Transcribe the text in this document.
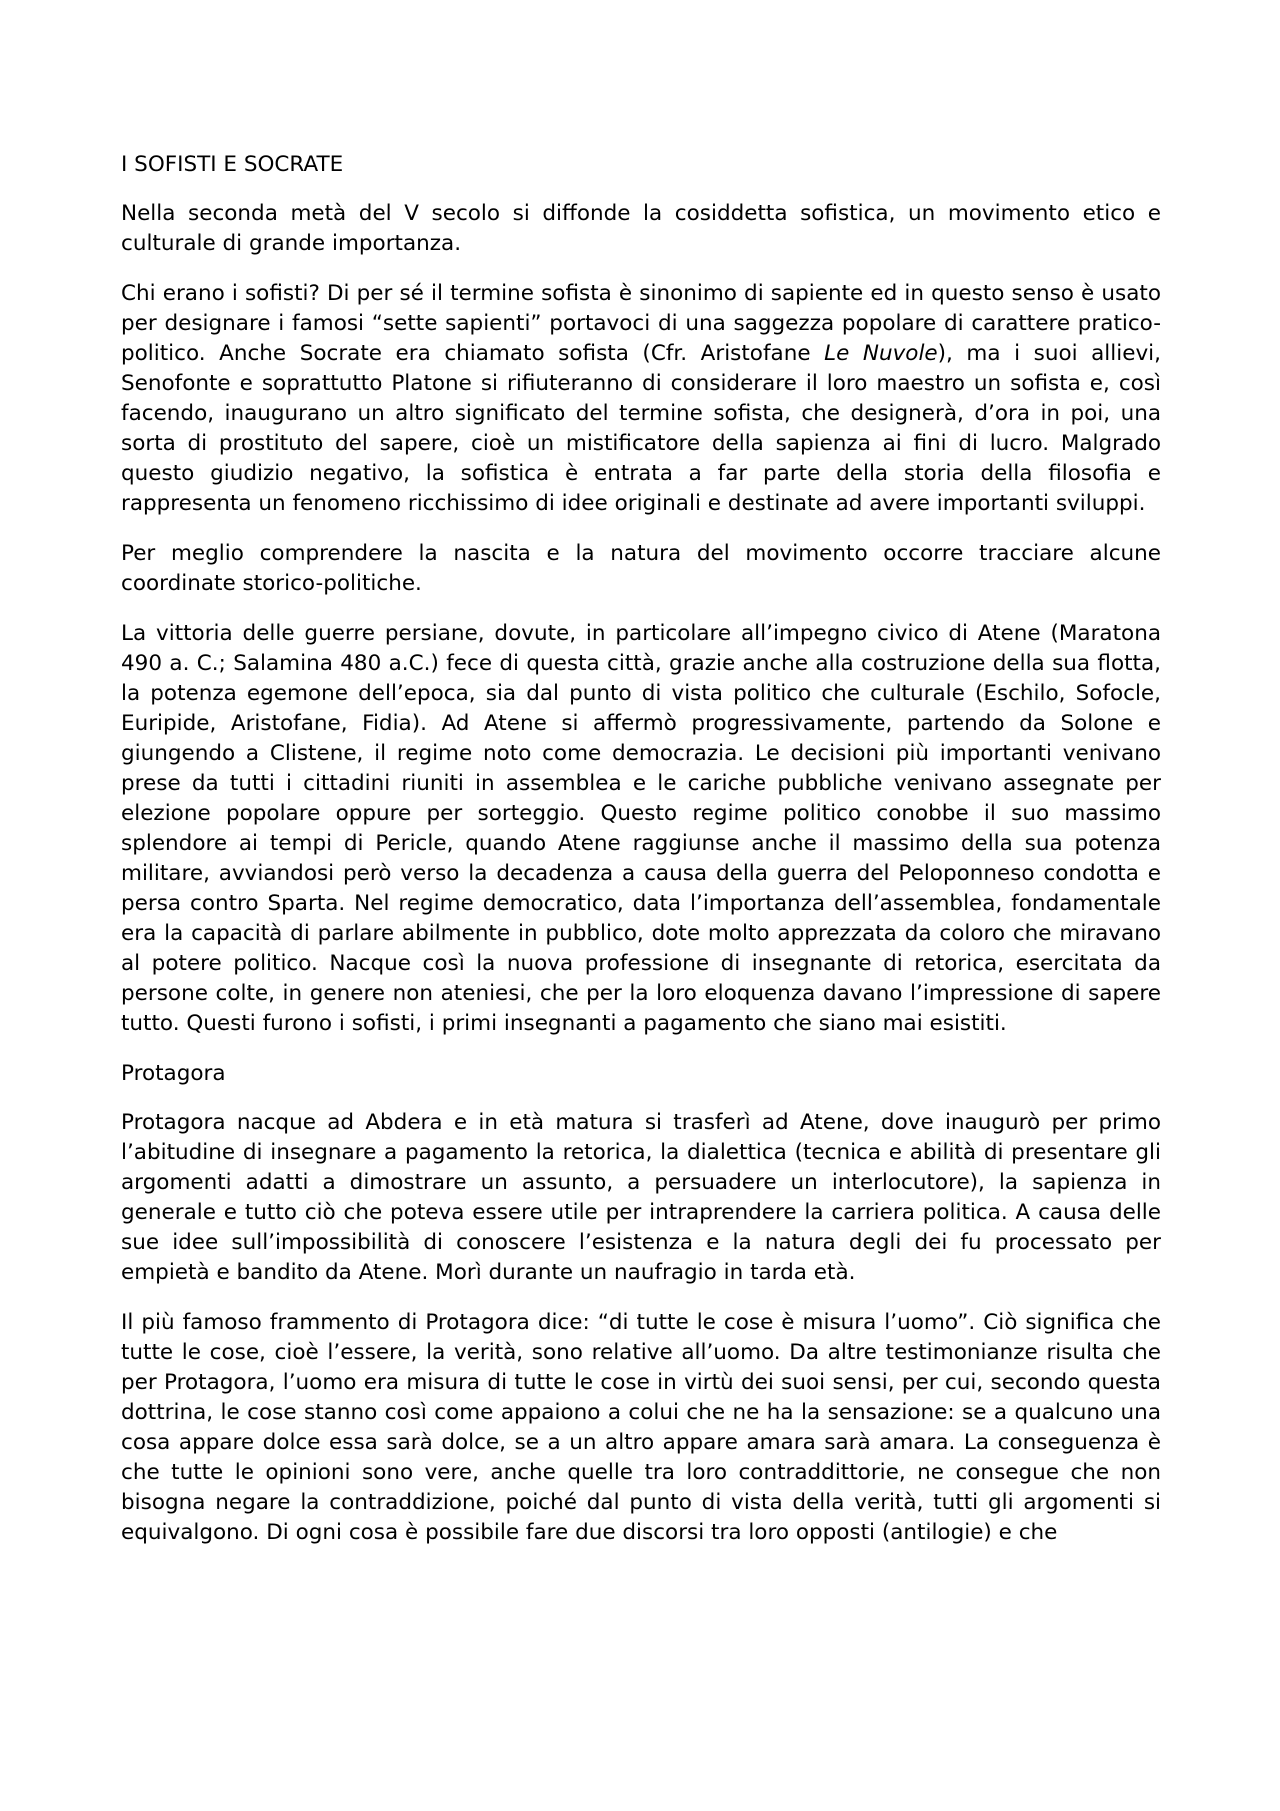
I SOFISTI E SOCRATE

Nella seconda metà del V secolo si diffonde la cosiddetta sofistica, un movimento etico e culturale di grande importanza.

Chi erano i sofisti? Di per sé il termine sofista è sinonimo di sapiente ed in questo senso è usato per designare i famosi “sette sapienti” portavoci di una saggezza popolare di carattere pratico-politico. Anche Socrate era chiamato sofista (Cfr. Aristofane Le Nuvole), ma i suoi allievi, Senofonte e soprattutto Platone si rifiuteranno di considerare il loro maestro un sofista e, così facendo, inaugurano un altro significato del termine sofista, che designerà, d’ora in poi, una sorta di prostituto del sapere, cioè un mistificatore della sapienza ai fini di lucro. Malgrado questo giudizio negativo, la sofistica è entrata a far parte della storia della filosofia e rappresenta un fenomeno ricchissimo di idee originali e destinate ad avere importanti sviluppi.

Per meglio comprendere la nascita e la natura del movimento occorre tracciare alcune coordinate storico-politiche.

La vittoria delle guerre persiane, dovute, in particolare all’impegno civico di Atene (Maratona 490 a. C.; Salamina 480 a.C.) fece di questa città, grazie anche alla costruzione della sua flotta, la potenza egemone dell’epoca, sia dal punto di vista politico che culturale (Eschilo, Sofocle, Euripide, Aristofane, Fidia). Ad Atene si affermò progressivamente, partendo da Solone e giungendo a Clistene, il regime noto come democrazia. Le decisioni più importanti venivano prese da tutti i cittadini riuniti in assemblea e le cariche pubbliche venivano assegnate per elezione popolare oppure per sorteggio. Questo regime politico conobbe il suo massimo splendore ai tempi di Pericle, quando Atene raggiunse anche il massimo della sua potenza militare, avviandosi però verso la decadenza a causa della guerra del Peloponneso condotta e persa contro Sparta. Nel regime democratico, data l’importanza dell’assemblea, fondamentale era la capacità di parlare abilmente in pubblico, dote molto apprezzata da coloro che miravano al potere politico. Nacque così la nuova professione di insegnante di retorica, esercitata da persone colte, in genere non ateniesi, che per la loro eloquenza davano l’impressione di sapere tutto. Questi furono i sofisti, i primi insegnanti a pagamento che siano mai esistiti.

Protagora

Protagora nacque ad Abdera e in età matura si trasferì ad Atene, dove inaugurò per primo l’abitudine di insegnare a pagamento la retorica, la dialettica (tecnica e abilità di presentare gli argomenti adatti a dimostrare un assunto, a persuadere un interlocutore), la sapienza in generale e tutto ciò che poteva essere utile per intraprendere la carriera politica. A causa delle sue idee sull’impossibilità di conoscere l’esistenza e la natura degli dei fu processato per empietà e bandito da Atene. Morì durante un naufragio in tarda età.

Il più famoso frammento di Protagora dice: “di tutte le cose è misura l’uomo”. Ciò significa che tutte le cose, cioè l’essere, la verità, sono relative all’uomo. Da altre testimonianze risulta che per Protagora, l’uomo era misura di tutte le cose in virtù dei suoi sensi, per cui, secondo questa dottrina, le cose stanno così come appaiono a colui che ne ha la sensazione: se a qualcuno una cosa appare dolce essa sarà dolce, se a un altro appare amara sarà amara. La conseguenza è che tutte le opinioni sono vere, anche quelle tra loro contraddittorie, ne consegue che non bisogna negare la contraddizione, poiché dal punto di vista della verità, tutti gli argomenti si equivalgono. Di ogni cosa è possibile fare due discorsi tra loro opposti (antilogie) e che
